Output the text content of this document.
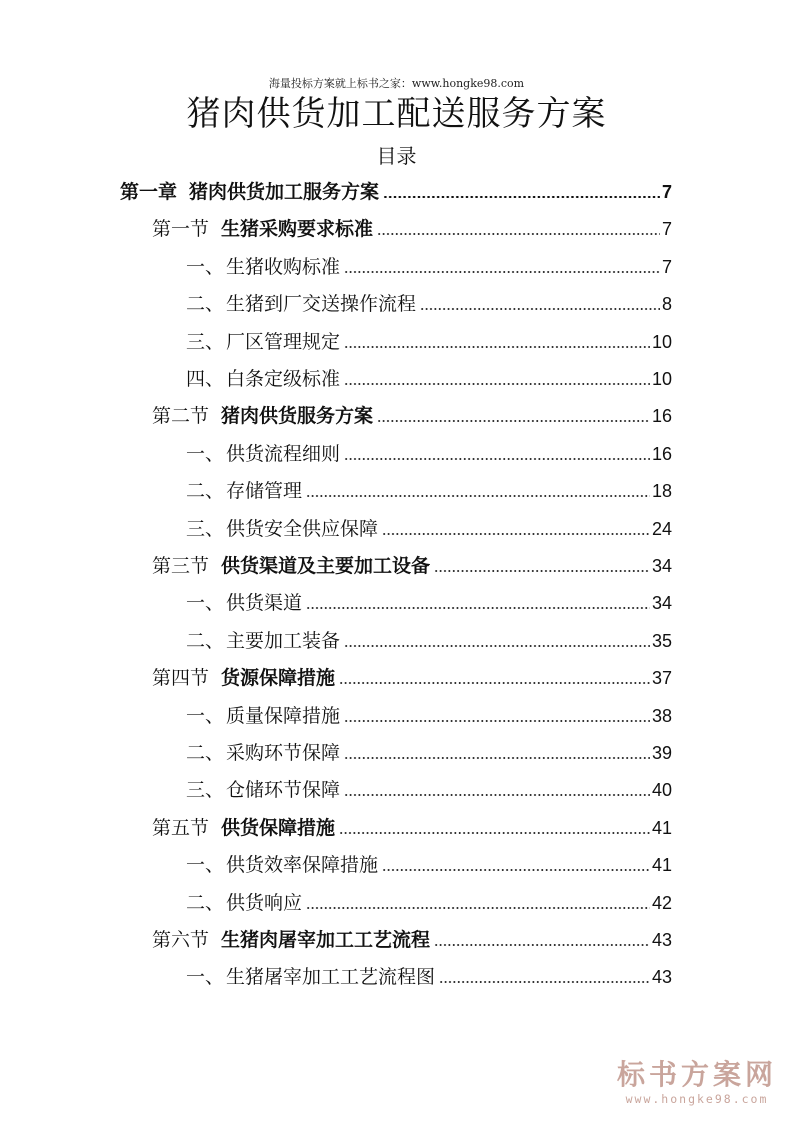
海量投标方案就上标书之家：www.hongke98.com
猪肉供货加工配送服务方案
目录
第一章 猪肉供货加工服务方案	7
第一节 生猪采购要求标准	7
一、 生猪收购标准	7
二、 生猪到厂交送操作流程	8
三、 厂区管理规定	10
四、 白条定级标准	10
第二节 猪肉供货服务方案	16
一、 供货流程细则	16
二、 存储管理	18
三、 供货安全供应保障	24
第三节 供货渠道及主要加工设备	34
一、 供货渠道	34
二、 主要加工装备	35
第四节 货源保障措施	37
一、 质量保障措施	38
二、 采购环节保障	39
三、 仓储环节保障	40
第五节 供货保障措施	41
一、 供货效率保障措施	41
二、 供货响应	42
第六节 生猪肉屠宰加工工艺流程	43
一、 生猪屠宰加工工艺流程图	43
标书方案网
www.hongke98.com
